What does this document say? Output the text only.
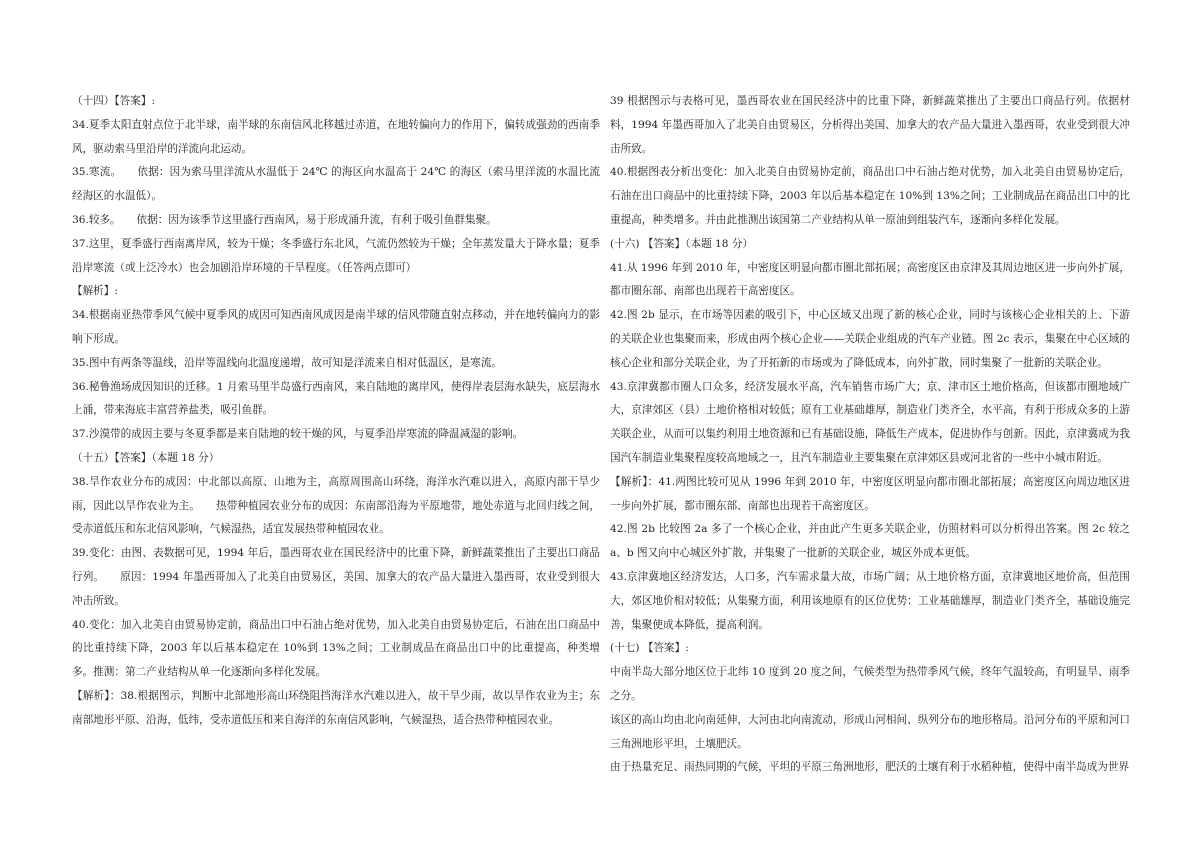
（十四）【答案】:

34.夏季太阳直射点位于北半球，南半球的东南信风北移越过赤道，在地转偏向力的作用下，偏转成强劲的西南季风，驱动索马里沿岸的洋流向北运动。

35.寒流。　　依据：因为索马里洋流从水温低于 24℃ 的海区向水温高于 24℃ 的海区（索马里洋流的水温比流经海区的水温低）。

36.较多。　　依据：因为该季节这里盛行西南风，易于形成涌升流，有利于吸引鱼群集聚。

37.这里，夏季盛行西南离岸风，较为干燥；冬季盛行东北风，气流仍然较为干燥；全年蒸发量大于降水量；夏季沿岸寒流（或上泛冷水）也会加剧沿岸环境的干旱程度。（任答两点即可）

【解析】:

34.根据南亚热带季风气候中夏季风的成因可知西南风成因是南半球的信风带随直射点移动，并在地转偏向力的影响下形成。

35.图中有两条等温线，沿岸等温线向北温度递增，故可知是洋流来自相对低温区，是寒流。

36.秘鲁渔场成因知识的迁移。1 月索马里半岛盛行西南风，来自陆地的离岸风，使得岸表层海水缺失，底层海水上涌，带来海底丰富营养盐类，吸引鱼群。

37.沙漠带的成因主要与冬夏季都是来自陆地的较干燥的风，与夏季沿岸寒流的降温减湿的影响。

（十五）【答案】（本题 18 分）

38.旱作农业分布的成因：中北部以高原、山地为主，高原周围高山环绕，海洋水汽难以进入，高原内部干旱少雨，因此以旱作农业为主。　　热带种植园农业分布的成因：东南部沿海为平原地带，地处赤道与北回归线之间，受赤道低压和东北信风影响，气候湿热，适宜发展热带种植园农业。

39.变化：由图、表数据可见，1994 年后，墨西哥农业在国民经济中的比重下降，新鲜蔬菜推出了主要出口商品行列。　　原因：1994 年墨西哥加入了北美自由贸易区，美国、加拿大的农产品大量进入墨西哥，农业受到很大冲击所致。

40.变化：加入北美自由贸易协定前，商品出口中石油占绝对优势，加入北美自由贸易协定后，石油在出口商品中的比重持续下降，2003 年以后基本稳定在 10%到 13%之间；工业制成品在商品出口中的比重提高，种类增多。推测：第二产业结构从单一化逐渐向多样化发展。

【解析】：38.根据图示，判断中北部地形高山环绕阻挡海洋水汽难以进入，故干旱少雨，故以旱作农业为主；东南部地形平原、沿海，低纬，受赤道低压和来自海洋的东南信风影响，气候湿热，适合热带种植园农业。

39 根据图示与表格可见，墨西哥农业在国民经济中的比重下降，新鲜蔬菜推出了主要出口商品行列。依据材料，1994 年墨西哥加入了北美自由贸易区，分析得出美国、加拿大的农产品大量进入墨西哥，农业受到很大冲击所致。

40.根据图表分析出变化：加入北美自由贸易协定前，商品出口中石油占绝对优势，加入北美自由贸易协定后，石油在出口商品中的比重持续下降，2003 年以后基本稳定在 10%到 13%之间；工业制成品在商品出口中的比重提高，种类增多。并由此推测出该国第二产业结构从单一原油到组装汽车，逐渐向多样化发展。

(十六) 【答案】（本题 18 分）

41.从 1996 年到 2010 年，中密度区明显向都市圈北部拓展；高密度区由京津及其周边地区进一步向外扩展，都市圈东部、南部也出现若干高密度区。

42.图 2b 显示，在市场等因素的吸引下，中心区域又出现了新的核心企业，同时与该核心企业相关的上、下游的关联企业也集聚而来，形成由两个核心企业——关联企业组成的汽车产业链。图 2c 表示，集聚在中心区域的核心企业和部分关联企业，为了开拓新的市场或为了降低成本，向外扩散，同时集聚了一批新的关联企业。

43.京津冀都市圈人口众多，经济发展水平高，汽车销售市场广大；京、津市区土地价格高，但该都市圈地域广大，京津郊区（县）土地价格相对较低；原有工业基础雄厚，制造业门类齐全，水平高，有利于形成众多的上游关联企业，从而可以集约利用土地资源和已有基础设施，降低生产成本，促进协作与创新。因此，京津冀成为我国汽车制造业集聚程度较高地域之一，且汽车制造业主要集聚在京津郊区县或河北省的一些中小城市附近。

【解析】：41.两图比较可见从 1996 年到 2010 年，中密度区明显向都市圈北部拓展；高密度区向周边地区进一步向外扩展，都市圈东部、南部也出现若干高密度区。

42.图 2b 比较图 2a 多了一个核心企业，并由此产生更多关联企业，仿照材料可以分析得出答案。图 2c 较之 a、b 图又向中心城区外扩散，并集聚了一批新的关联企业，城区外成本更低。

43.京津冀地区经济发达，人口多，汽车需求量大故，市场广阔；从土地价格方面，京津冀地区地价高，但范围大，郊区地价相对较低；从集聚方面，利用该地原有的区位优势：工业基础雄厚，制造业门类齐全，基础设施完善，集聚使成本降低，提高利润。

(十七) 【答案】:

中南半岛大部分地区位于北纬 10 度到 20 度之间，气候类型为热带季风气候，终年气温较高，有明显旱、雨季之分。

该区的高山均由北向南延伸，大河由北向南流动，形成山河相间、纵列分布的地形格局。沿河分布的平原和河口三角洲地形平坦，土壤肥沃。

由于热量充足、雨热同期的气候，平坦的平原三角洲地形，肥沃的土壤有利于水稻种植，使得中南半岛成为世界
